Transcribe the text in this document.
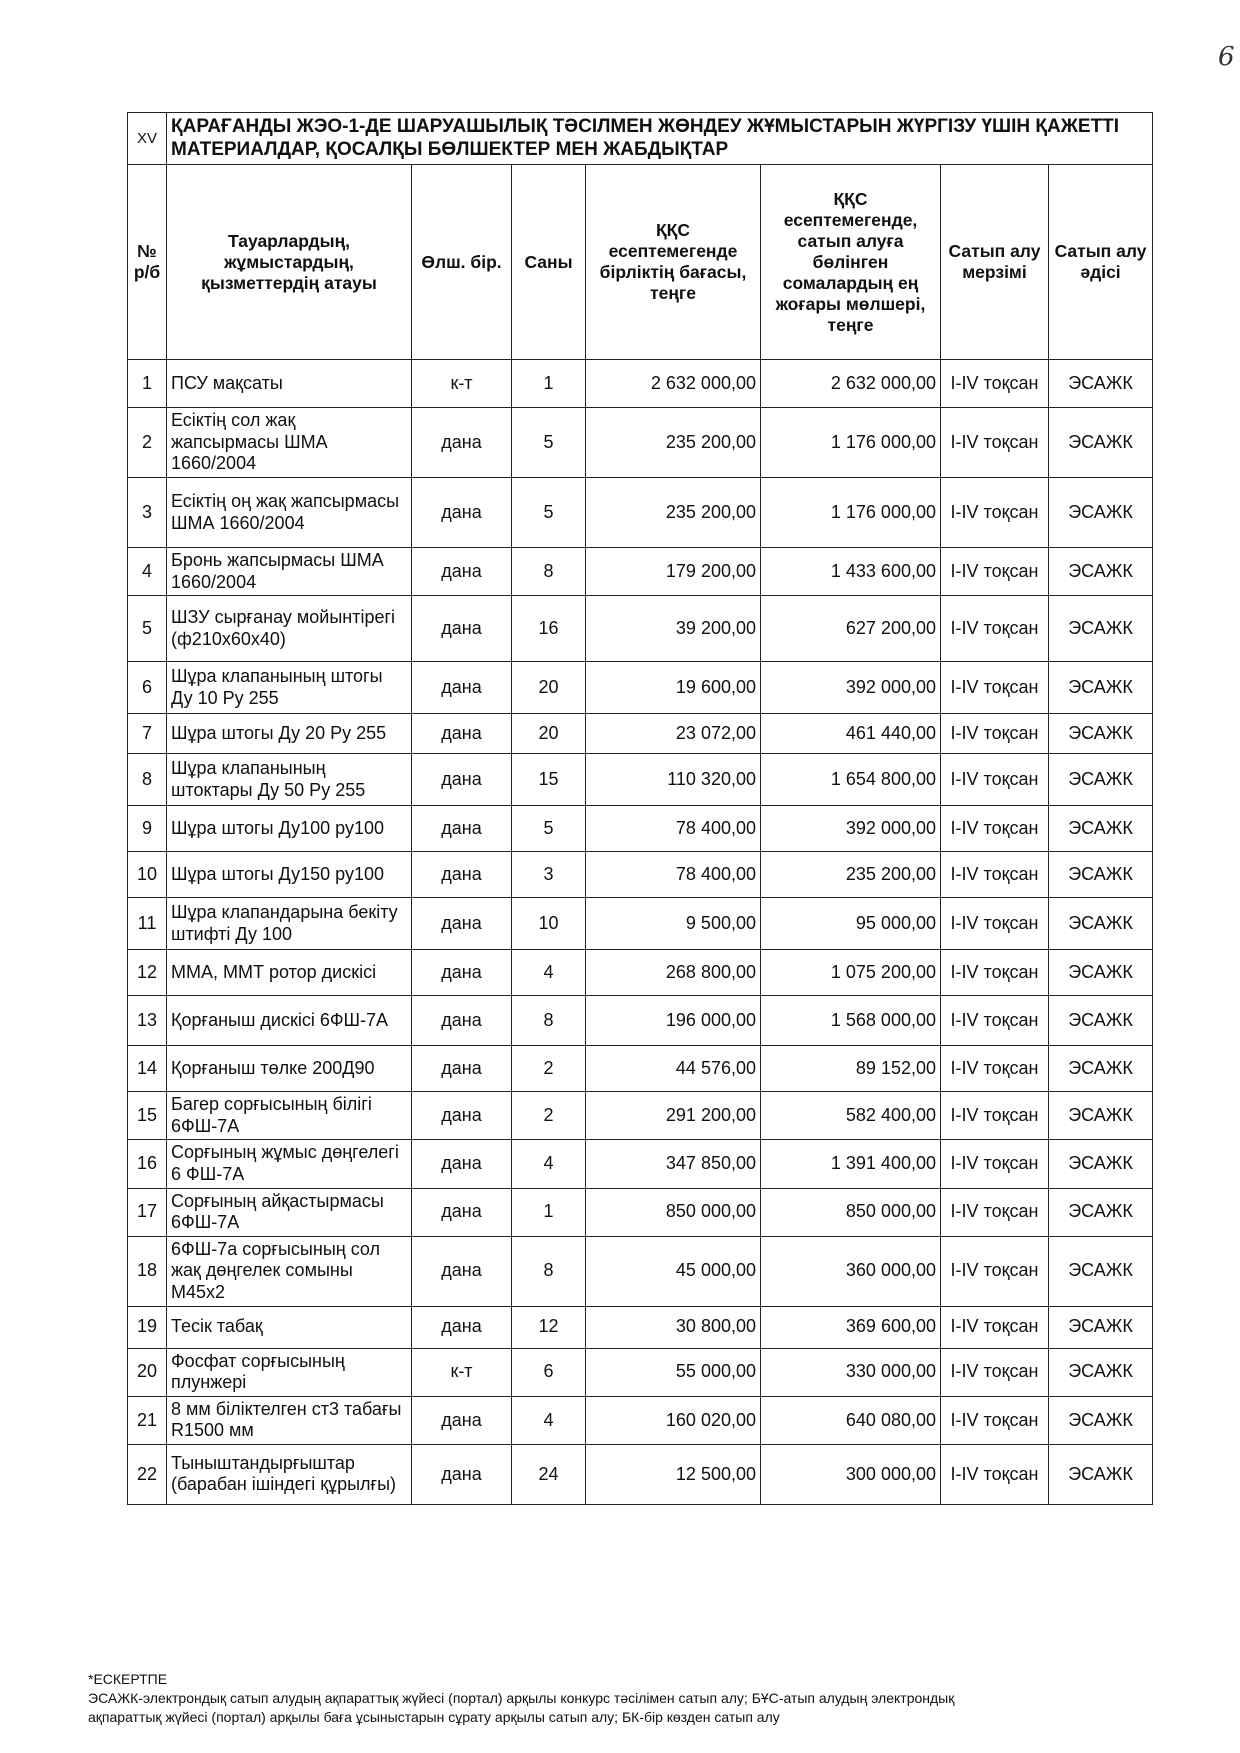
6
XV	ҚАРАҒАНДЫ ЖЭО-1-ДЕ ШАРУАШЫЛЫҚ ТӘСІЛМЕН ЖӨНДЕУ ЖҰМЫСТАРЫН ЖҮРГІЗУ ҮШІН ҚАЖЕТТІ МАТЕРИАЛДАР, ҚОСАЛҚЫ БӨЛШЕКТЕР МЕН ЖАБДЫҚТАР						
№ р/б	Тауарлардың, жұмыстардың, қызметтердің атауы	Өлш. бір.	Саны	ҚҚС есептемегенде бірліктің бағасы, теңге	ҚҚС есептемегенде, сатып алуға бөлінген сомалардың ең жоғары мөлшері, теңге	Сатып алу мерзімі	Сатып алу әдісі
1	ПСУ мақсаты	к-т	1	2 632 000,00	2 632 000,00	I-IV тоқсан	ЭСАЖК
2	Есіктің сол жақ жапсырмасы ШМА 1660/2004	дана	5	235 200,00	1 176 000,00	I-IV тоқсан	ЭСАЖК
3	Есіктің оң жақ жапсырмасы ШМА 1660/2004	дана	5	235 200,00	1 176 000,00	I-IV тоқсан	ЭСАЖК
4	Бронь жапсырмасы ШМА 1660/2004	дана	8	179 200,00	1 433 600,00	I-IV тоқсан	ЭСАЖК
5	ШЗУ сырғанау мойынтірегі (ф210х60х40)	дана	16	39 200,00	627 200,00	I-IV тоқсан	ЭСАЖК
6	Шұра клапанының штогы Ду 10 Ру 255	дана	20	19 600,00	392 000,00	I-IV тоқсан	ЭСАЖК
7	Шұра штогы Ду 20 Ру 255	дана	20	23 072,00	461 440,00	I-IV тоқсан	ЭСАЖК
8	Шұра клапанының штоктары Ду 50 Ру 255	дана	15	110 320,00	1 654 800,00	I-IV тоқсан	ЭСАЖК
9	Шұра штогы Ду100 ру100	дана	5	78 400,00	392 000,00	I-IV тоқсан	ЭСАЖК
10	Шұра штогы Ду150 ру100	дана	3	78 400,00	235 200,00	I-IV тоқсан	ЭСАЖК
11	Шұра клапандарына бекіту штифті Ду 100	дана	10	9 500,00	95 000,00	I-IV тоқсан	ЭСАЖК
12	ММА, ММТ ротор дискісі	дана	4	268 800,00	1 075 200,00	I-IV тоқсан	ЭСАЖК
13	Қорғаныш дискісі 6ФШ-7А	дана	8	196 000,00	1 568 000,00	I-IV тоқсан	ЭСАЖК
14	Қорғаныш төлке 200Д90	дана	2	44 576,00	89 152,00	I-IV тоқсан	ЭСАЖК
15	Багер сорғысының білігі 6ФШ-7А	дана	2	291 200,00	582 400,00	I-IV тоқсан	ЭСАЖК
16	Сорғының жұмыс дөңгелегі 6 ФШ-7А	дана	4	347 850,00	1 391 400,00	I-IV тоқсан	ЭСАЖК
17	Сорғының айқастырмасы 6ФШ-7А	дана	1	850 000,00	850 000,00	I-IV тоқсан	ЭСАЖК
18	6ФШ-7а сорғысының сол жақ дөңгелек сомыны М45х2	дана	8	45 000,00	360 000,00	I-IV тоқсан	ЭСАЖК
19	Тесік табақ	дана	12	30 800,00	369 600,00	I-IV тоқсан	ЭСАЖК
20	Фосфат сорғысының плунжері	к-т	6	55 000,00	330 000,00	I-IV тоқсан	ЭСАЖК
21	8 мм біліктелген ст3 табағы R1500 мм	дана	4	160 020,00	640 080,00	I-IV тоқсан	ЭСАЖК
22	Тыныштандырғыштар (барабан ішіндегі құрылғы)	дана	24	12 500,00	300 000,00	I-IV тоқсан	ЭСАЖК
*ЕСКЕРТПЕ
ЭСАЖК-электрондық сатып алудың ақпараттық жүйесі (портал) арқылы конкурс тәсілімен сатып алу; БҰС-атып алудың электрондық
ақпараттық жүйесі (портал) арқылы баға ұсыныстарын сұрату арқылы сатып алу; БК-бір көзден сатып алу
